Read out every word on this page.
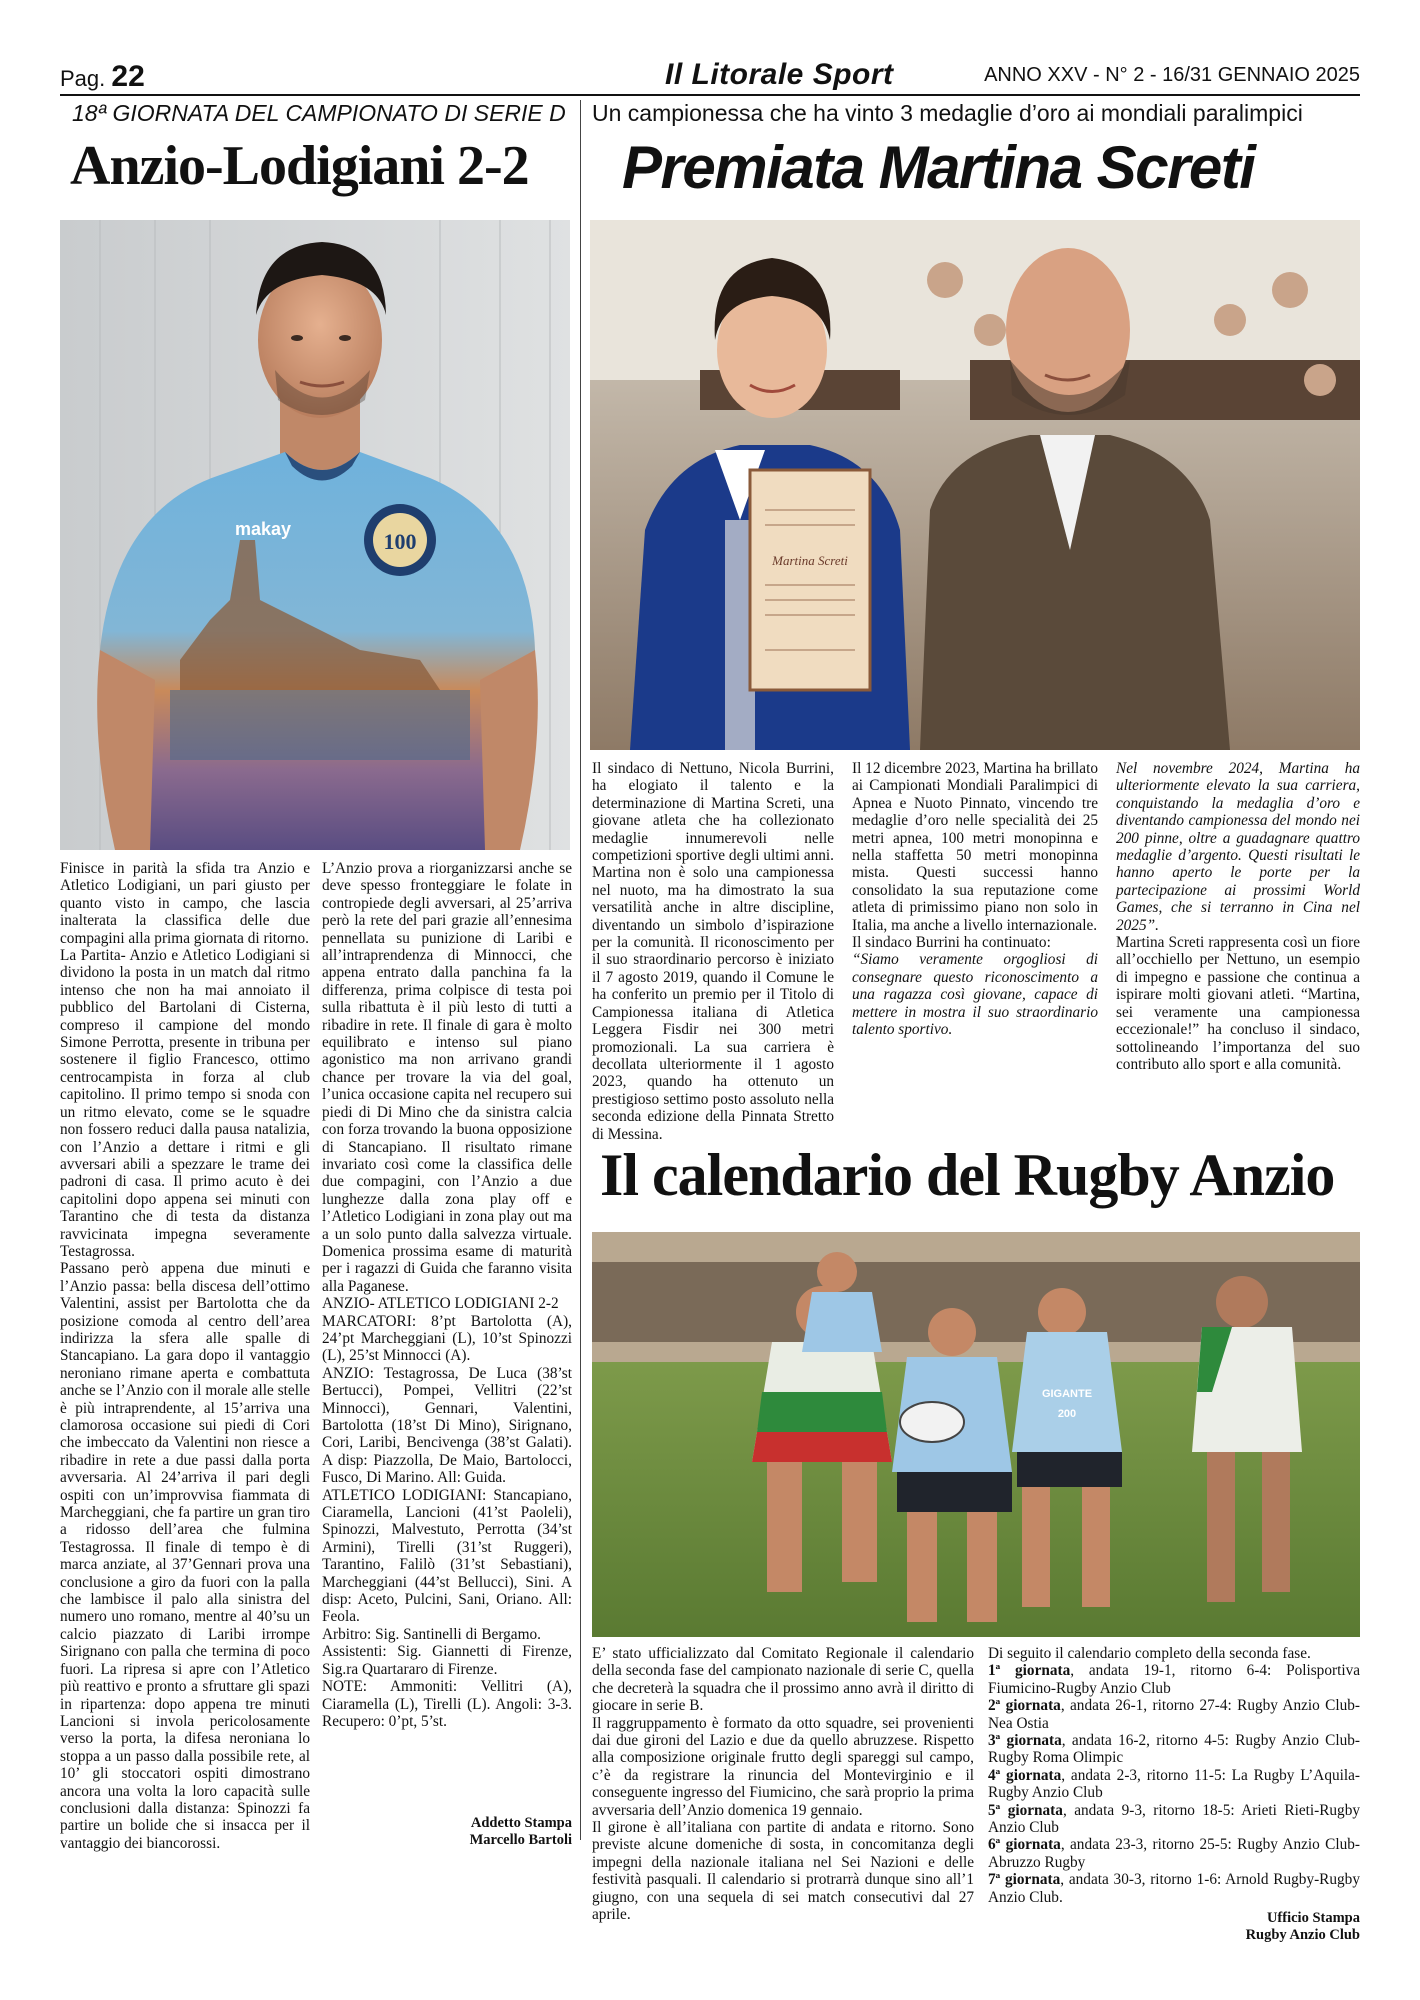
Pag. 22	Il Litorale Sport	ANNO XXV - N° 2 - 16/31 GENNAIO 2025
18ª GIORNATA DEL CAMPIONATO DI SERIE D
Anzio-Lodigiani 2-2
100
makay

Finisce in parità la sfida tra Anzio e Atletico Lodigiani, un pari giusto per quanto visto in campo, che lascia inalterata la classifica delle due compagini alla prima giornata di ritorno.

La Partita- Anzio e Atletico Lodigiani si dividono la posta in un match dal ritmo intenso che non ha mai annoiato il pubblico del Bartolani di Cisterna, compreso il campione del mondo Simone Perrotta, presente in tribuna per sostenere il figlio Francesco, ottimo centrocampista in forza al club capitolino. Il primo tempo si snoda con un ritmo elevato, come se le squadre non fossero reduci dalla pausa natalizia, con l’Anzio a dettare i ritmi e gli avversari abili a spezzare le trame dei padroni di casa. Il primo acuto è dei capitolini dopo appena sei minuti con Tarantino che di testa da distanza ravvicinata impegna severamente Testagrossa.

Passano però appena due minuti e l’Anzio passa: bella discesa dell’ottimo Valentini, assist per Bartolotta che da posizione comoda al centro dell’area indirizza la sfera alle spalle di Stancapiano. La gara dopo il vantaggio neroniano rimane aperta e combattuta anche se l’Anzio con il morale alle stelle è più intraprendente, al 15’arriva una clamorosa occasione sui piedi di Cori che imbeccato da Valentini non riesce a ribadire in rete a due passi dalla porta avversaria. Al 24’arriva il pari degli ospiti con un’improvvisa fiammata di Marcheggiani, che fa partire un gran tiro a ridosso dell’area che fulmina Testagrossa. Il finale di tempo è di marca anziate, al 37’Gennari prova una conclusione a giro da fuori con la palla che lambisce il palo alla sinistra del numero uno romano, mentre al 40’su un calcio piazzato di Laribi irrompe Sirignano con palla che termina di poco fuori. La ripresa si apre con l’Atletico più reattivo e pronto a sfruttare gli spazi in ripartenza: dopo appena tre minuti Lancioni si invola pericolosamente verso la porta, la difesa neroniana lo stoppa a un passo dalla possibile rete, al 10’ gli stoccatori ospiti dimostrano ancora una volta la loro capacità sulle conclusioni dalla distanza: Spinozzi fa partire un bolide che si insacca per il vantaggio dei biancorossi.

L’Anzio prova a riorganizzarsi anche se deve spesso fronteggiare le folate in contropiede degli avversari, al 25’arriva però la rete del pari grazie all’ennesima pennellata su punizione di Laribi e all’intraprendenza di Minnocci, che appena entrato dalla panchina fa la differenza, prima colpisce di testa poi sulla ribattuta è il più lesto di tutti a ribadire in rete. Il finale di gara è molto equilibrato e intenso sul piano agonistico ma non arrivano grandi chance per trovare la via del goal, l’unica occasione capita nel recupero sui piedi di Di Mino che da sinistra calcia con forza trovando la buona opposizione di Stancapiano. Il risultato rimane invariato così come la classifica delle due compagini, con l’Anzio a due lunghezze dalla zona play off e l’Atletico Lodigiani in zona play out ma a un solo punto dalla salvezza virtuale. Domenica prossima esame di maturità per i ragazzi di Guida che faranno visita alla Paganese.

ANZIO- ATLETICO LODIGIANI 2-2

MARCATORI: 8’pt Bartolotta (A), 24’pt Marcheggiani (L), 10’st Spinozzi (L), 25’st Minnocci (A).

ANZIO: Testagrossa, De Luca (38’st Bertucci), Pompei, Vellitri (22’st Minnocci), Gennari, Valentini, Bartolotta (18’st Di Mino), Sirignano, Cori, Laribi, Bencivenga (38’st Galati). A disp: Piazzolla, De Maio, Bartolocci, Fusco, Di Marino. All: Guida.

ATLETICO LODIGIANI: Stancapiano, Ciaramella, Lancioni (41’st Paoleli), Spinozzi, Malvestuto, Perrotta (34’st Armini), Tirelli (31’st Ruggeri), Tarantino, Falilò (31’st Sebastiani), Marcheggiani (44’st Bellucci), Sini. A disp: Aceto, Pulcini, Sani, Oriano. All: Feola.

Arbitro: Sig. Santinelli di Bergamo.

Assistenti: Sig. Giannetti di Firenze, Sig.ra Quartararo di Firenze.

NOTE: Ammoniti: Vellitri (A), Ciaramella (L), Tirelli (L). Angoli: 3-3. Recupero: 0’pt, 5’st.

Addetto Stampa
Marcello Bartoli
Un campionessa che ha vinto 3 medaglie d’oro ai mondiali paralimpici
Premiata Martina Screti
Martina Screti

Il sindaco di Nettuno, Nicola Burrini, ha elogiato il talento e la determinazione di Martina Screti, una giovane atleta che ha collezionato medaglie innumerevoli nelle competizioni sportive degli ultimi anni. Martina non è solo una campionessa nel nuoto, ma ha dimostrato la sua versatilità anche in altre discipline, diventando un simbolo d’ispirazione per la comunità. Il riconoscimento per il suo straordinario percorso è iniziato il 7 agosto 2019, quando il Comune le ha conferito un premio per il Titolo di Campionessa italiana di Atletica Leggera Fisdir nei 300 metri promozionali. La sua carriera è decollata ulteriormente il 1 agosto 2023, quando ha ottenuto un prestigioso settimo posto assoluto nella seconda edizione della Pinnata Stretto di Messina.

Il 12 dicembre 2023, Martina ha brillato ai Campionati Mondiali Paralimpici di Apnea e Nuoto Pinnato, vincendo tre medaglie d’oro nelle specialità dei 25 metri apnea, 100 metri monopinna e nella staffetta 50 metri monopinna mista. Questi successi hanno consolidato la sua reputazione come atleta di primissimo piano non solo in Italia, ma anche a livello internazionale.

Il sindaco Burrini ha continuato:

“Siamo veramente orgogliosi di consegnare questo riconoscimento a una ragazza così giovane, capace di mettere in mostra il suo straordinario talento sportivo.

Nel novembre 2024, Martina ha ulteriormente elevato la sua carriera, conquistando la medaglia d’oro e diventando campionessa del mondo nei 200 pinne, oltre a guadagnare quattro medaglie d’argento. Questi risultati le hanno aperto le porte per la partecipazione ai prossimi World Games, che si terranno in Cina nel 2025”.

Martina Screti rappresenta così un fiore all’occhiello per Nettuno, un esempio di impegno e passione che continua a ispirare molti giovani atleti. “Martina, sei veramente una campionessa eccezionale!” ha concluso il sindaco, sottolineando l’importanza del suo contributo allo sport e alla comunità.

Il calendario del Rugby Anzio
GIGANTE
200

E’ stato ufficializzato dal Comitato Regionale il calendario della seconda fase del campionato nazionale di serie C, quella che decreterà la squadra che il prossimo anno avrà il diritto di giocare in serie B.

Il raggruppamento è formato da otto squadre, sei provenienti dai due gironi del Lazio e due da quello abruzzese. Rispetto alla composizione originale frutto degli spareggi sul campo, c’è da registrare la rinuncia del Montevirginio e il conseguente ingresso del Fiumicino, che sarà proprio la prima avversaria dell’Anzio domenica 19 gennaio.

Il girone è all’italiana con partite di andata e ritorno. Sono previste alcune domeniche di sosta, in concomitanza degli impegni della nazionale italiana nel Sei Nazioni e delle festività pasquali. Il calendario si protrarrà dunque sino all’1 giugno, con una sequela di sei match consecutivi dal 27 aprile.

Di seguito il calendario completo della seconda fase.

1ª giornata, andata 19-1, ritorno 6-4: Polisportiva Fiumicino-Rugby Anzio Club

2ª giornata, andata 26-1, ritorno 27-4: Rugby Anzio Club-Nea Ostia

3ª giornata, andata 16-2, ritorno 4-5: Rugby Anzio Club-Rugby Roma Olimpic

4ª giornata, andata 2-3, ritorno 11-5: La Rugby L’Aquila-Rugby Anzio Club

5ª giornata, andata 9-3, ritorno 18-5: Arieti Rieti-Rugby Anzio Club

6ª giornata, andata 23-3, ritorno 25-5: Rugby Anzio Club-Abruzzo Rugby

7ª giornata, andata 30-3, ritorno 1-6: Arnold Rugby-Rugby Anzio Club.

Ufficio Stampa
Rugby Anzio Club
